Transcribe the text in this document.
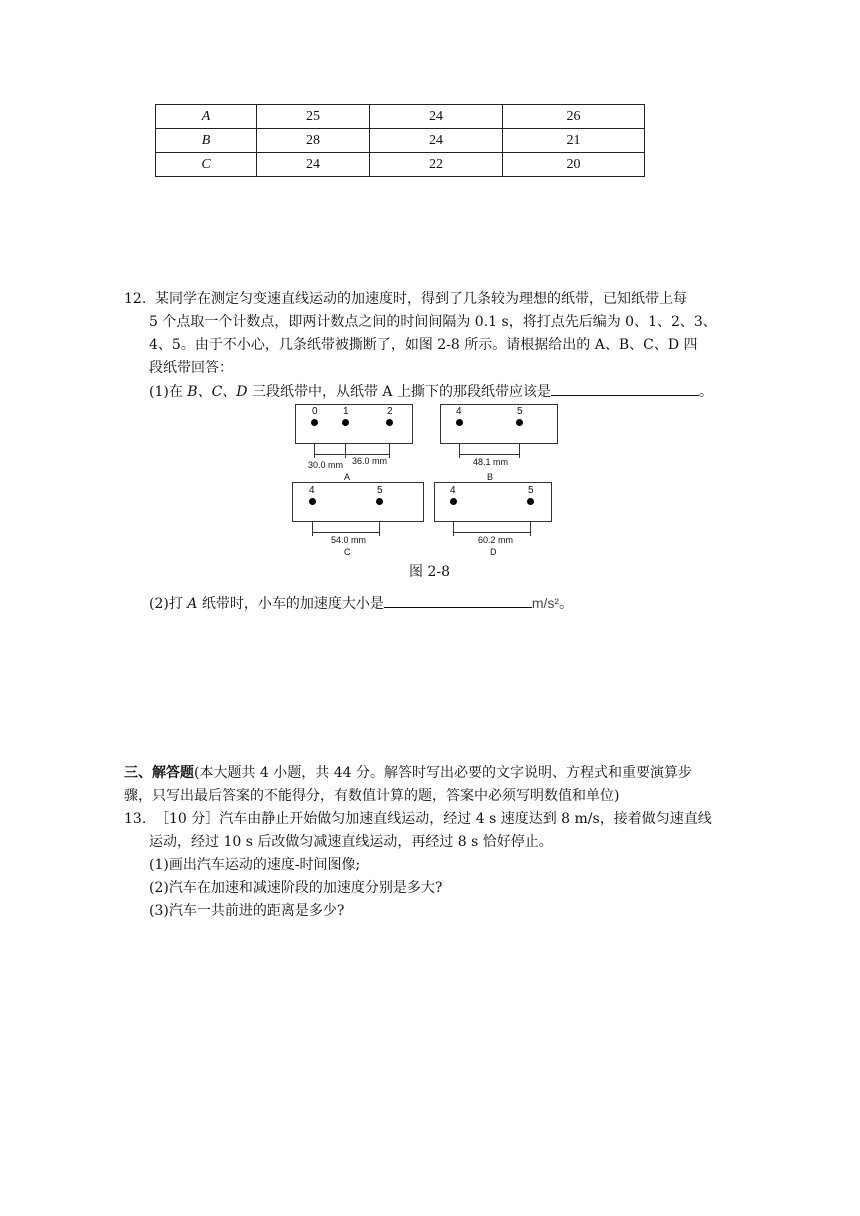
A	25	24	26
B	28	24	21
C	24	22	20
12. 某同学在测定匀变速直线运动的加速度时，得到了几条较为理想的纸带，已知纸带上每
5 个点取一个计数点，即两计数点之间的时间间隔为 0.1 s，将打点先后编为 0、1、2、3、
4、5。由于不小心，几条纸带被撕断了，如图 2-8 所示。请根据给出的 A、B、C、D 四
段纸带回答：
(1)在 B、C、D 三段纸带中，从纸带 A 上撕下的那段纸带应该是	。
0	1	2
30.0 mm 36.0 mm
A
4	5
48.1 mm
B
4	5
54.0 mm
C
4	5
60.2 mm
D
图 2-8
(2)打 A 纸带时，小车的加速度大小是	m/s²。
三、解答题(本大题共 4 小题，共 44 分。解答时写出必要的文字说明、方程式和重要演算步
骤，只写出最后答案的不能得分，有数值计算的题，答案中必须写明数值和单位)
13. ［10 分］汽车由静止开始做匀加速直线运动，经过 4 s 速度达到 8 m/s，接着做匀速直线
运动，经过 10 s 后改做匀减速直线运动，再经过 8 s 恰好停止。
(1)画出汽车运动的速度-时间图像;
(2)汽车在加速和减速阶段的加速度分别是多大?
(3)汽车一共前进的距离是多少?
